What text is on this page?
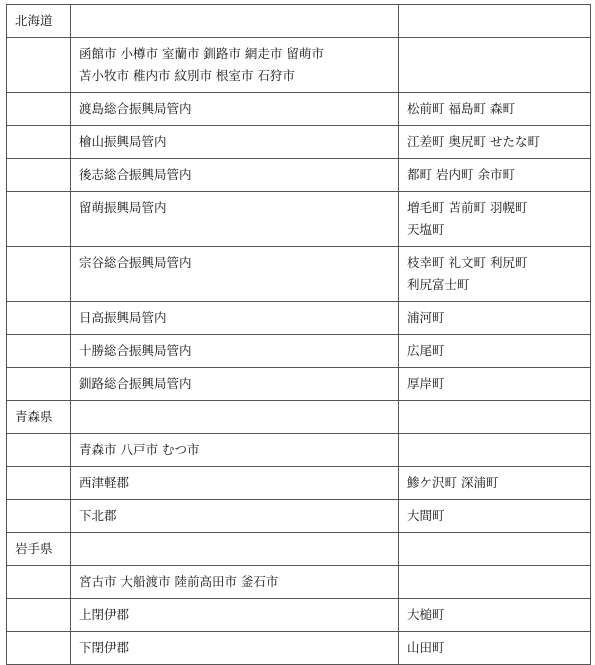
北海道		

	函館市 小樽市 室蘭市 釧路市 網走市 留萌市
苫小牧市 稚内市 紋別市 根室市 石狩市	

	渡島総合振興局管内	松前町 福島町 森町

	檜山振興局管内	江差町 奥尻町 せたな町

	後志総合振興局管内	都町 岩内町 余市町

	留萌振興局管内	増毛町 苫前町 羽幌町
天塩町

	宗谷総合振興局管内	枝幸町 礼文町 利尻町
利尻富士町

	日高振興局管内	浦河町

	十勝総合振興局管内	広尾町

	釧路総合振興局管内	厚岸町

青森県		

	青森市 八戸市 むつ市	

	西津軽郡	鯵ケ沢町 深浦町

	下北郡	大間町

岩手県		

	宮古市 大船渡市 陸前高田市 釜石市	

	上閉伊郡	大槌町

	下閉伊郡	山田町
